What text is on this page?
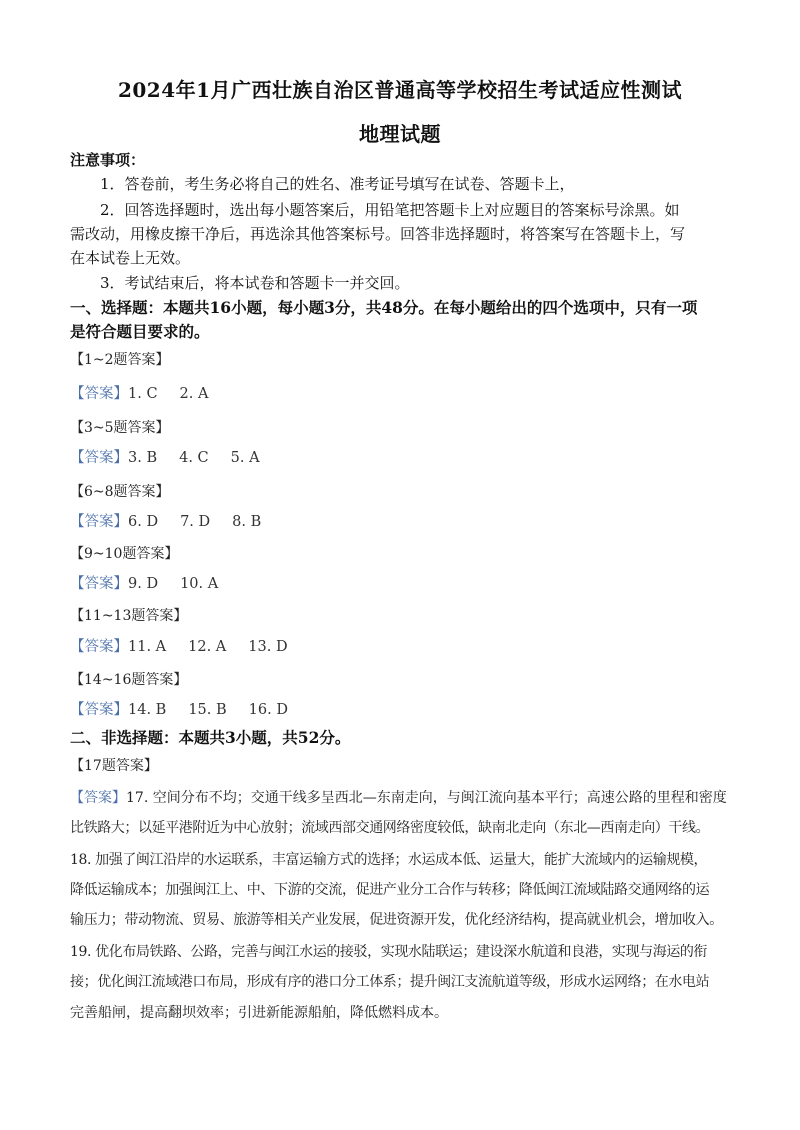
2024年1月广西壮族自治区普通高等学校招生考试适应性测试
地理试题
注意事项：
1．答卷前，考生务必将自己的姓名、准考证号填写在试卷、答题卡上，
2．回答选择题时，选出每小题答案后，用铅笔把答题卡上对应题目的答案标号涂黑。如
需改动，用橡皮擦干净后，再选涂其他答案标号。回答非选择题时，将答案写在答题卡上，写
在本试卷上无效。
3．考试结束后，将本试卷和答题卡一并交回。
一、选择题：本题共16小题，每小题3分，共48分。在每小题给出的四个选项中，只有一项
是符合题目要求的。
【1~2题答案】
【答案】1. C 2. A
【3~5题答案】
【答案】3. B 4. C 5. A
【6~8题答案】
【答案】6. D 7. D 8. B
【9~10题答案】
【答案】9. D 10. A
【11~13题答案】
【答案】11. A 12. A 13. D
【14~16题答案】
【答案】14. B 15. B 16. D
二、非选择题：本题共3小题，共52分。
【17题答案】
【答案】17. 空间分布不均；交通干线多呈西北—东南走向，与闽江流向基本平行；高速公路的里程和密度
比铁路大；以延平港附近为中心放射；流域西部交通网络密度较低，缺南北走向（东北—西南走向）干线。
18. 加强了闽江沿岸的水运联系，丰富运输方式的选择；水运成本低、运量大，能扩大流域内的运输规模，
降低运输成本；加强闽江上、中、下游的交流，促进产业分工合作与转移；降低闽江流域陆路交通网络的运
输压力；带动物流、贸易、旅游等相关产业发展，促进资源开发，优化经济结构，提高就业机会，增加收入。
19. 优化布局铁路、公路，完善与闽江水运的接驳，实现水陆联运；建设深水航道和良港，实现与海运的衔
接；优化闽江流域港口布局，形成有序的港口分工体系；提升闽江支流航道等级，形成水运网络；在水电站
完善船闸，提高翻坝效率；引进新能源船舶，降低燃料成本。
